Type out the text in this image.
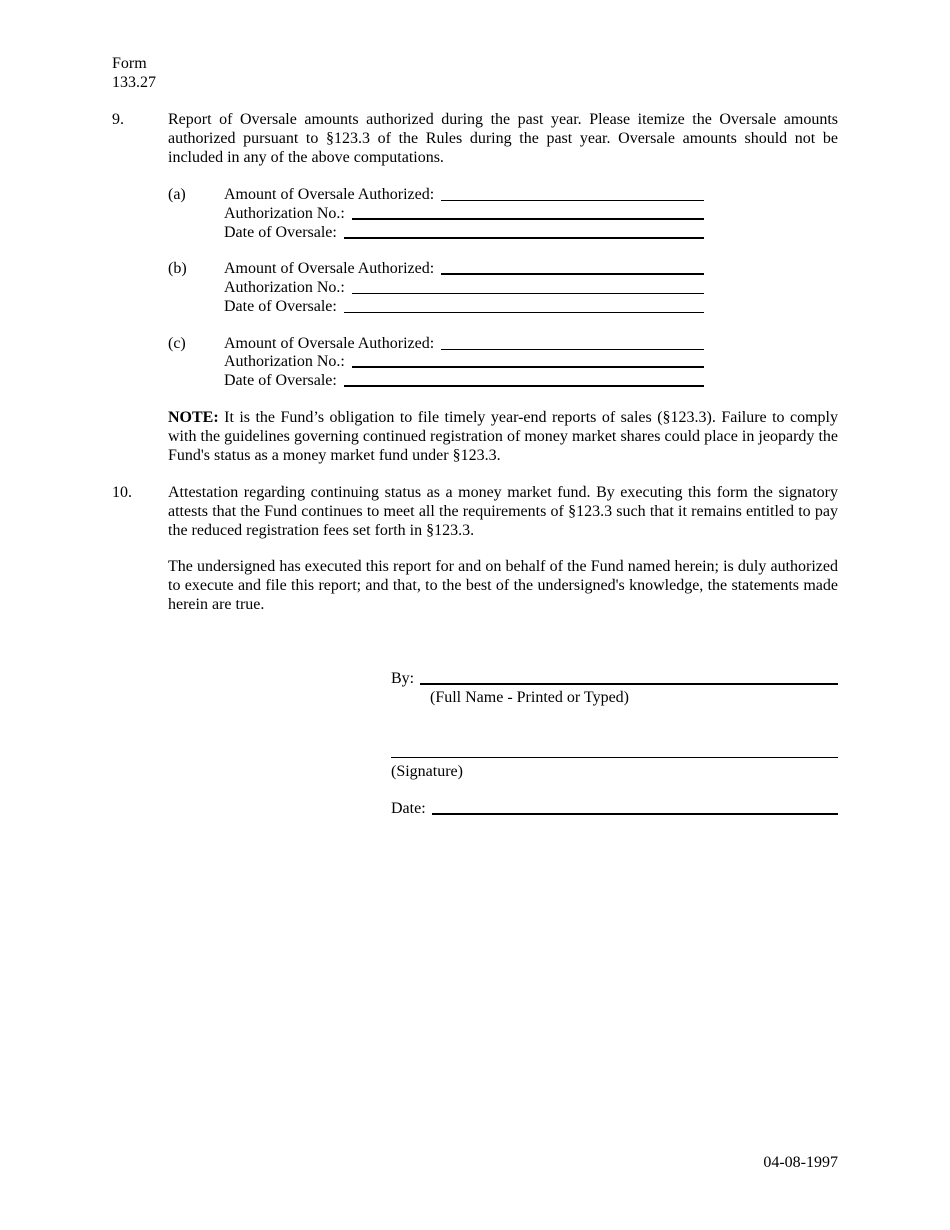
Form
133.27
9.	Report of Oversale amounts authorized during the past year. Please itemize the Oversale amounts authorized pursuant to §123.3 of the Rules during the past year. Oversale amounts should not be included in any of the above computations.
(a) Amount of Oversale Authorized:
Authorization No.:
Date of Oversale:
(b) Amount of Oversale Authorized:
Authorization No.:
Date of Oversale:
(c) Amount of Oversale Authorized:
Authorization No.:
Date of Oversale:
NOTE: It is the Fund’s obligation to file timely year-end reports of sales (§123.3). Failure to comply with the guidelines governing continued registration of money market shares could place in jeopardy the Fund's status as a money market fund under §123.3.
10. Attestation regarding continuing status as a money market fund. By executing this form the signatory attests that the Fund continues to meet all the requirements of §123.3 such that it remains entitled to pay the reduced registration fees set forth in §123.3.
The undersigned has executed this report for and on behalf of the Fund named herein; is duly authorized to execute and file this report; and that, to the best of the undersigned's knowledge, the statements made herein are true.
By:
(Full Name - Printed or Typed)
(Signature)
Date:
04-08-1997
